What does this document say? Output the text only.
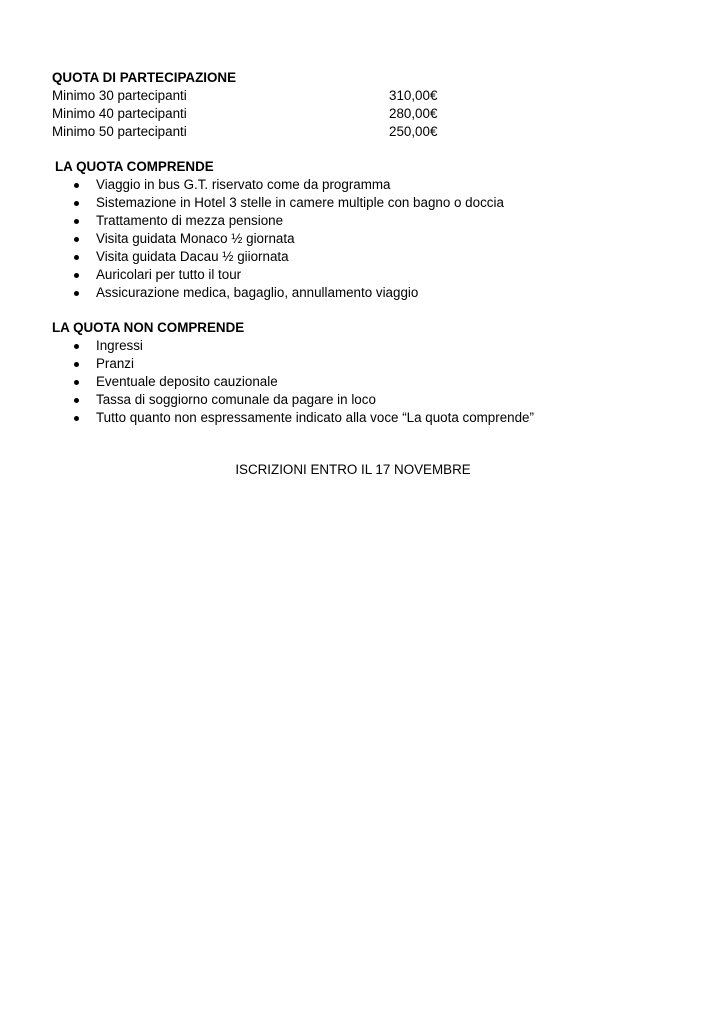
QUOTA DI PARTECIPAZIONE
Minimo 30 partecipanti	310,00€
Minimo 40 partecipanti	280,00€
Minimo 50 partecipanti	250,00€
LA QUOTA COMPRENDE
Viaggio in bus G.T. riservato come da programma
Sistemazione in Hotel 3 stelle in camere multiple con bagno o doccia
Trattamento di mezza pensione
Visita guidata Monaco ½ giornata
Visita guidata Dacau ½ giiornata
Auricolari per tutto il tour
Assicurazione medica, bagaglio, annullamento viaggio
LA QUOTA NON COMPRENDE
Ingressi
Pranzi
Eventuale deposito cauzionale
Tassa di soggiorno comunale da pagare in loco
Tutto quanto non espressamente indicato alla voce “La quota comprende”
ISCRIZIONI ENTRO IL 17 NOVEMBRE
